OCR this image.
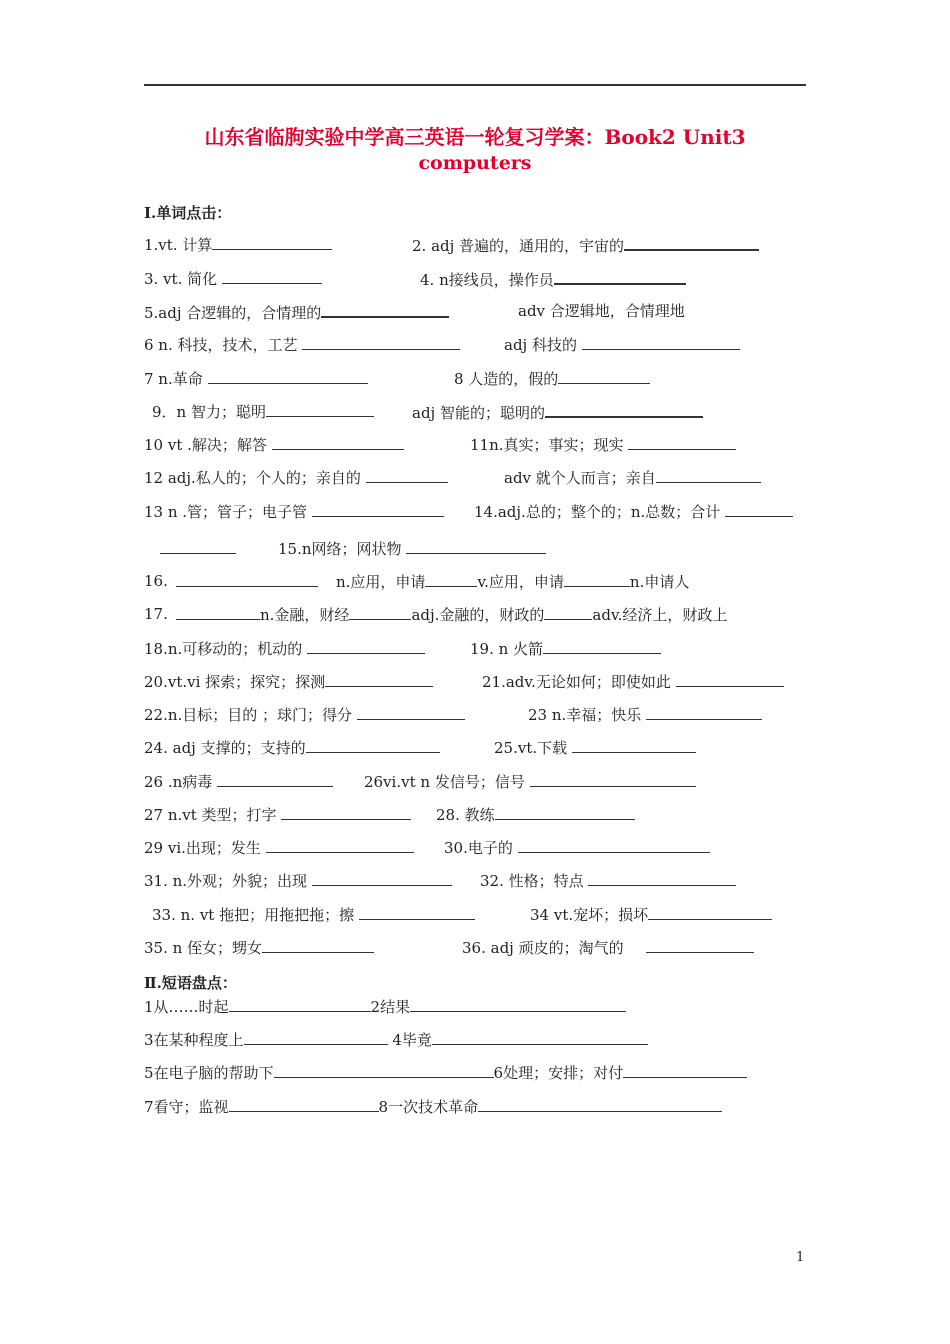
山东省临朐实验中学高三英语一轮复习学案：Book2 Unit3
computers
Ⅰ.单词点击：
1.vt. 计算	2. adj 普遍的，通用的，宇宙的
3. vt. 简化	4. n接线员，操作员
5.adj 合逻辑的，合情理的	adv 合逻辑地，合情理地
6 n. 科技，技术，工艺	adj 科技的
7 n.革命	8 人造的，假的
9．n 智力；聪明	adj 智能的；聪明的
10 vt .解决；解答	11n.真实；事实；现实
12 adj.私人的；个人的；亲自的	adv 就个人而言；亲自
13 n .管；管子；电子管	14.adj.总的；整个的；n.总数；合计
15.n网络；网状物
16.	n.应用，申请	v.应用，申请	n.申请人
17.	n.金融，财经	adj.金融的，财政的	adv.经济上，财政上
18.n.可移动的；机动的	19. n 火箭
20.vt.vi 探索；探究；探测	21.adv.无论如何；即使如此
22.n.目标；目的 ；球门；得分	23 n.幸福；快乐
24. adj 支撑的；支持的	25.vt.下载
26 .n病毒	26vi.vt n 发信号；信号
27 n.vt 类型；打字	28. 教练
29 vi.出现；发生	30.电子的
31. n.外观；外貌；出现	32. 性格；特点
33. n. vt 拖把；用拖把拖；擦	34 vt.宠坏；损坏
35. n 侄女；甥女	36. adj 顽皮的；淘气的
Ⅱ.短语盘点：
1从……时起	2结果
3在某种程度上	4毕竟
5在电子脑的帮助下	6处理；安排；对付
7看守；监视	8一次技术革命
1
